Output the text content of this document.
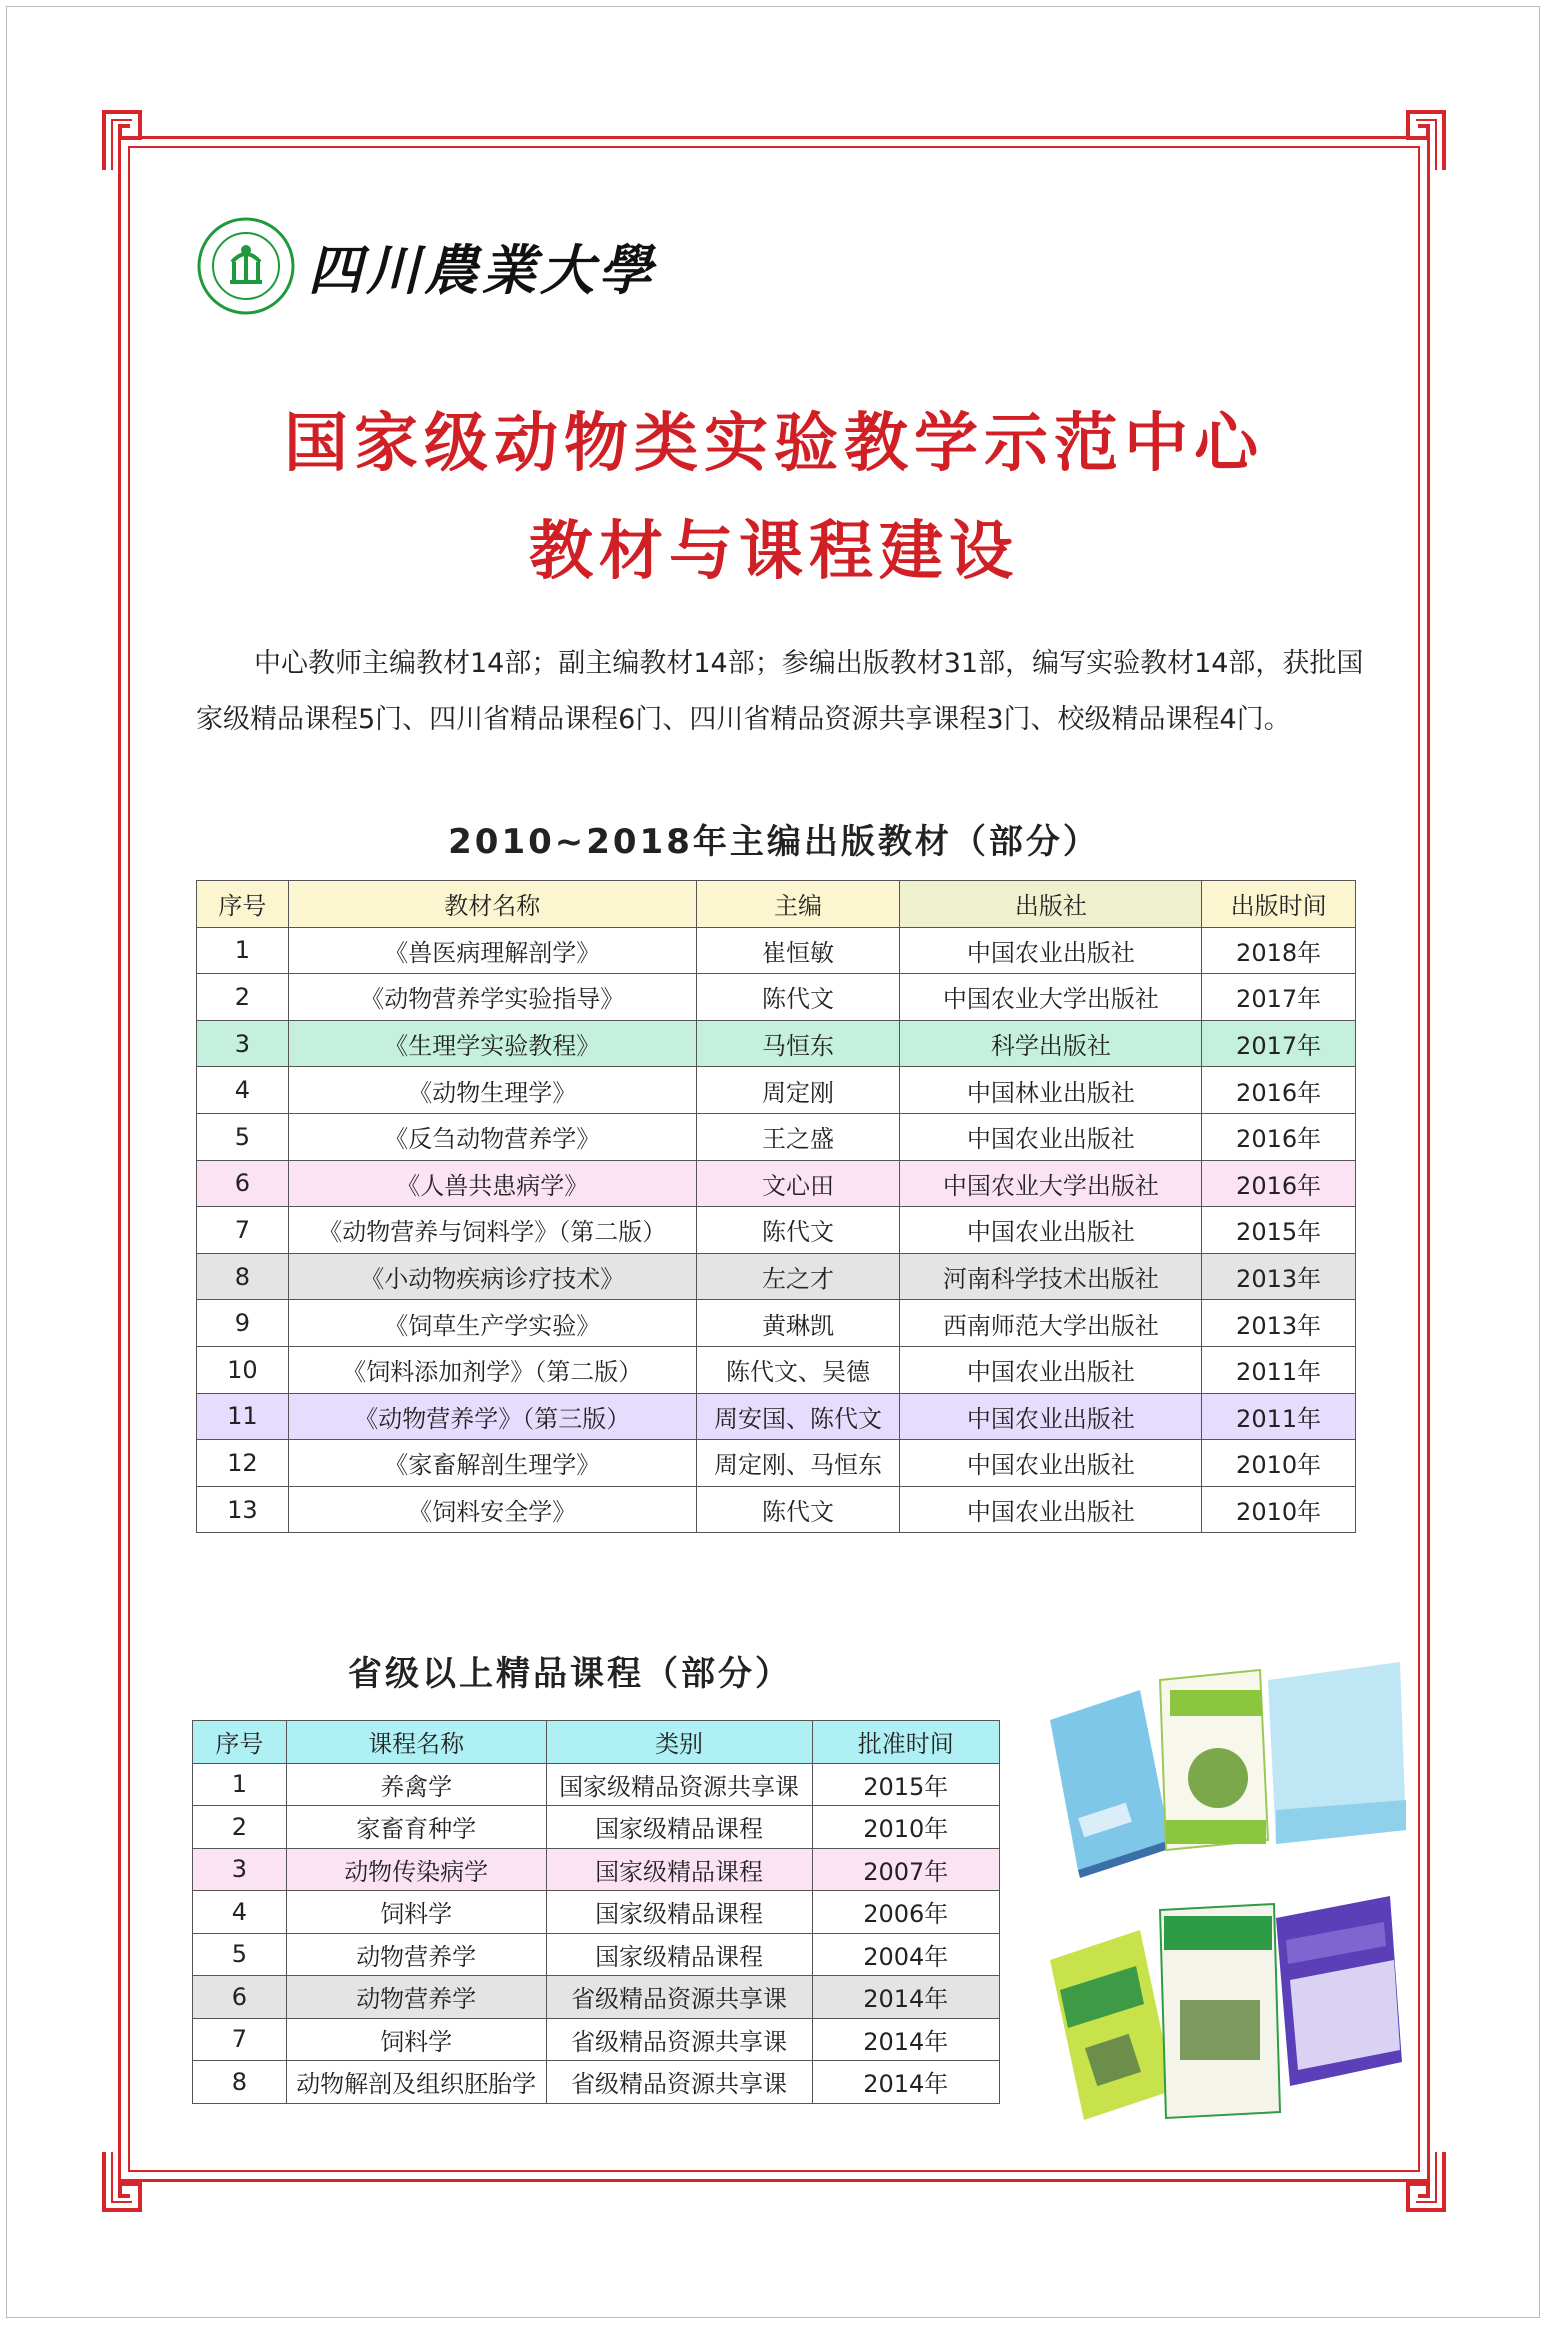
四川農業大學
国家级动物类实验教学示范中心
教材与课程建设
中心教师主编教材14部；副主编教材14部；参编出版教材31部，编写实验教材14部，获批国家级精品课程5门、四川省精品课程6门、四川省精品资源共享课程3门、校级精品课程4门。
2010~2018年主编出版教材（部分）
序号	教材名称	主编	出版社	出版时间
1	《兽医病理解剖学》	崔恒敏	中国农业出版社	2018年
2	《动物营养学实验指导》	陈代文	中国农业大学出版社	2017年
3	《生理学实验教程》	马恒东	科学出版社	2017年
4	《动物生理学》	周定刚	中国林业出版社	2016年
5	《反刍动物营养学》	王之盛	中国农业出版社	2016年
6	《人兽共患病学》	文心田	中国农业大学出版社	2016年
7	《动物营养与饲料学》（第二版）	陈代文	中国农业出版社	2015年
8	《小动物疾病诊疗技术》	左之才	河南科学技术出版社	2013年
9	《饲草生产学实验》	黄琳凯	西南师范大学出版社	2013年
10	《饲料添加剂学》（第二版）	陈代文、吴德	中国农业出版社	2011年
11	《动物营养学》（第三版）	周安国、陈代文	中国农业出版社	2011年
12	《家畜解剖生理学》	周定刚、马恒东	中国农业出版社	2010年
13	《饲料安全学》	陈代文	中国农业出版社	2010年
省级以上精品课程（部分）
序号	课程名称	类别	批准时间
1	养禽学	国家级精品资源共享课	2015年
2	家畜育种学	国家级精品课程	2010年
3	动物传染病学	国家级精品课程	2007年
4	饲料学	国家级精品课程	2006年
5	动物营养学	国家级精品课程	2004年
6	动物营养学	省级精品资源共享课	2014年
7	饲料学	省级精品资源共享课	2014年
8	动物解剖及组织胚胎学	省级精品资源共享课	2014年
